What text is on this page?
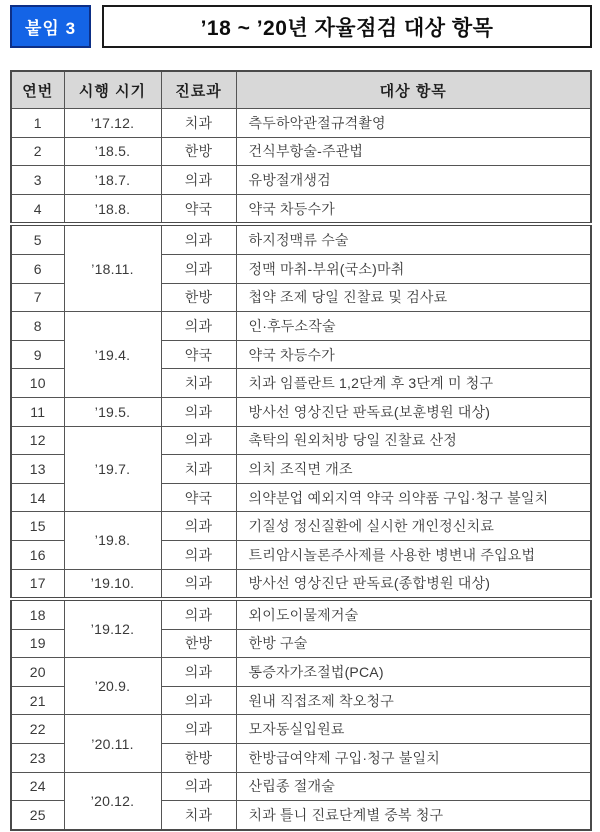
붙임 3	’18 ~ ’20년 자율점검 대상 항목
연번	시행 시기	진료과	대상 항목
1	’17.12.	치과	측두하악관절규격촬영
2	’18.5.	한방	건식부항술-주관법
3	’18.7.	의과	유방절개생검
4	’18.8.	약국	약국 차등수가
5	’18.11.	의과	하지정맥류 수술
6		의과	정맥 마취-부위(국소)마취
7		한방	첩약 조제 당일 진찰료 및 검사료
8	’19.4.	의과	인·후두소작술
9		약국	약국 차등수가
10		치과	치과 임플란트 1,2단계 후 3단계 미 청구
11	’19.5.	의과	방사선 영상진단 판독료(보훈병원 대상)
12	’19.7.	의과	촉탁의 원외처방 당일 진찰료 산정
13		치과	의치 조직면 개조
14		약국	의약분업 예외지역 약국 의약품 구입·청구 불일치
15	’19.8.	의과	기질성 정신질환에 실시한 개인정신치료
16		의과	트리암시놀론주사제를 사용한 병변내 주입요법
17	’19.10.	의과	방사선 영상진단 판독료(종합병원 대상)
18	’19.12.	의과	외이도이물제거술
19		한방	한방 구술
20	’20.9.	의과	통증자가조절법(PCA)
21		의과	원내 직접조제 착오청구
22	’20.11.	의과	모자동실입원료
23		한방	한방급여약제 구입·청구 불일치
24	’20.12.	의과	산립종 절개술
25		치과	치과 틀니 진료단계별 중복 청구
